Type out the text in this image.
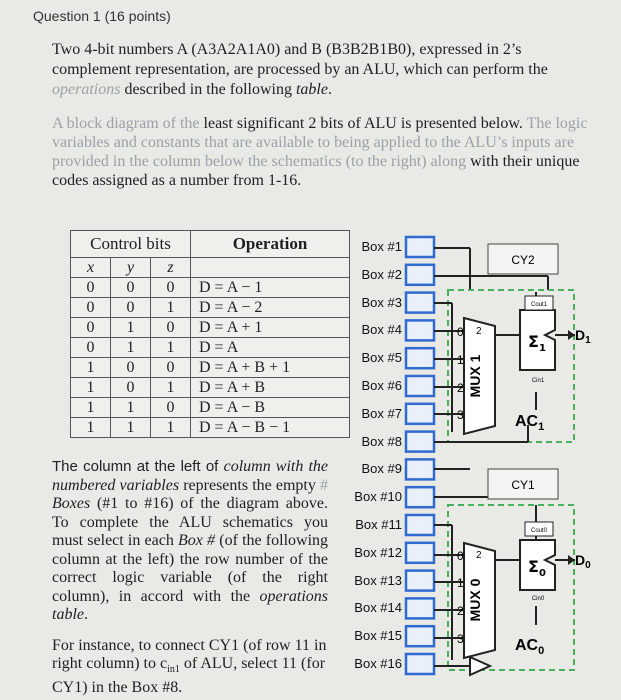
Question 1 (16 points)
Two 4-bit numbers A (A3A2A1A0) and B (B3B2B1B0), expressed in 2’s complement representation, are processed by an ALU, which can perform the operations described in the following table.
A block diagram of the least significant 2 bits of ALU is presented below. The logic variables and constants that are available to being applied to the ALU’s inputs are provided in the column below the schematics (to the right) along with their unique codes assigned as a number from 1-16.
Control bits			Operation
x	y	z	
0	0	0	D = A − 1
0	0	1	D = A − 2
0	1	0	D = A + 1
0	1	1	D = A
1	0	0	D = A + B + 1
1	0	1	D = A + B
1	1	0	D = A − B
1	1	1	D = A − B − 1
The column at the left of column with the numbered variables represents the empty # Boxes (#1 to #16) of the diagram above. To complete the ALU schematics you must select in each Box # (of the following column at the left) the row number of the correct logic variable (of the right column), in accord with the operations table.
For instance, to connect CY1 (of row 11 in right column) to $c_{in1}$ of ALU, select 11 (for CY1) in the Box #8.
Box #1
Box #2
Box #3
Box #4
Box #5
Box #6
Box #7
Box #8
Box #9
Box #10
Box #11
Box #12
Box #13
Box #14
Box #15
Box #16
CY2
CY1
MUX 1
0
1
2
3
2
Cout1
$\Sigma_1$
Cin1
$D_1$
$AC_1$
MUX 0
0
1
2
3
2
Cout0
$\Sigma_0$
Cin0
$D_0$
$AC_0$
